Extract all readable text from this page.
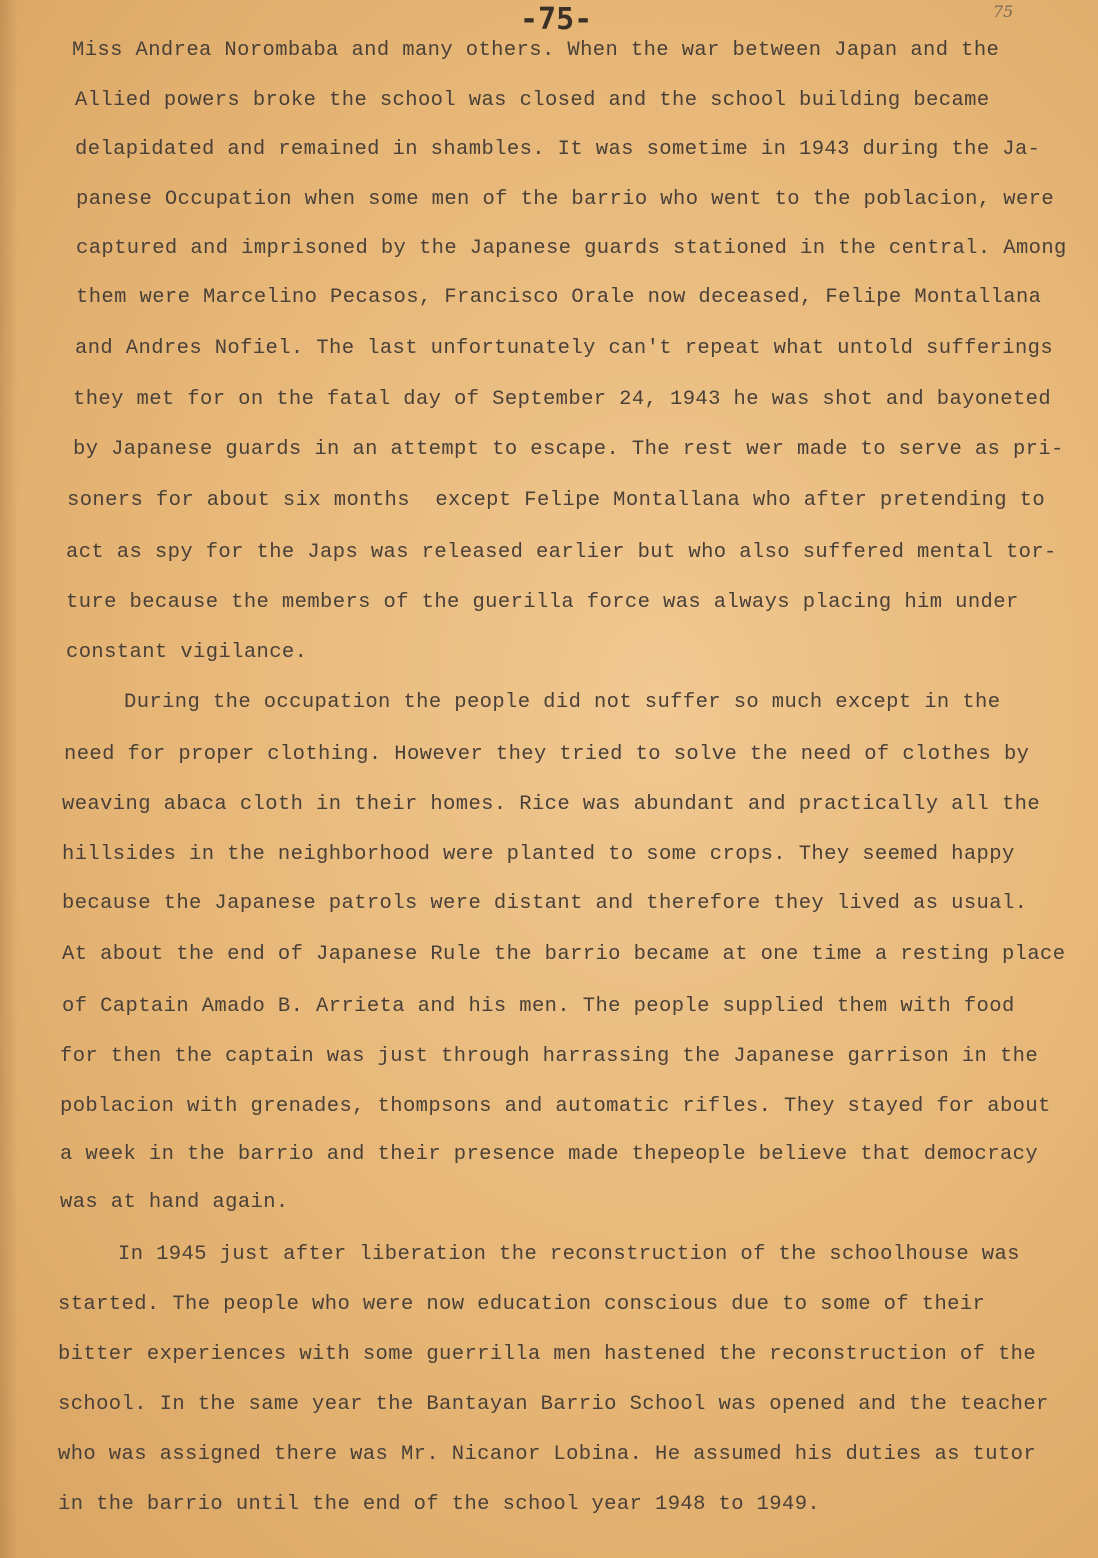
-75-	75
Miss Andrea Norombaba and many others. When the war between Japan and the
Allied powers broke the school was closed and the school building became
delapidated and remained in shambles. It was sometime in 1943 during the Ja-
panese Occupation when some men of the barrio who went to the poblacion, were
captured and imprisoned by the Japanese guards stationed in the central. Among
them were Marcelino Pecasos, Francisco Orale now deceased, Felipe Montallana
and Andres Nofiel. The last unfortunately can't repeat what untold sufferings
they met for on the fatal day of September 24, 1943 he was shot and bayoneted
by Japanese guards in an attempt to escape. The rest wer made to serve as pri-
soners for about six months  except Felipe Montallana who after pretending to
act as spy for the Japs was released earlier but who also suffered mental tor-
ture because the members of the guerilla force was always placing him under
constant vigilance.
During the occupation the people did not suffer so much except in the
need for proper clothing. However they tried to solve the need of clothes by
weaving abaca cloth in their homes. Rice was abundant and practically all the
hillsides in the neighborhood were planted to some crops. They seemed happy
because the Japanese patrols were distant and therefore they lived as usual.
At about the end of Japanese Rule the barrio became at one time a resting place
of Captain Amado B. Arrieta and his men. The people supplied them with food
for then the captain was just through harrassing the Japanese garrison in the
poblacion with grenades, thompsons and automatic rifles. They stayed for about
a week in the barrio and their presence made thepeople believe that democracy
was at hand again.
In 1945 just after liberation the reconstruction of the schoolhouse was
started. The people who were now education conscious due to some of their
bitter experiences with some guerrilla men hastened the reconstruction of the
school. In the same year the Bantayan Barrio School was opened and the teacher
who was assigned there was Mr. Nicanor Lobina. He assumed his duties as tutor
in the barrio until the end of the school year 1948 to 1949.
